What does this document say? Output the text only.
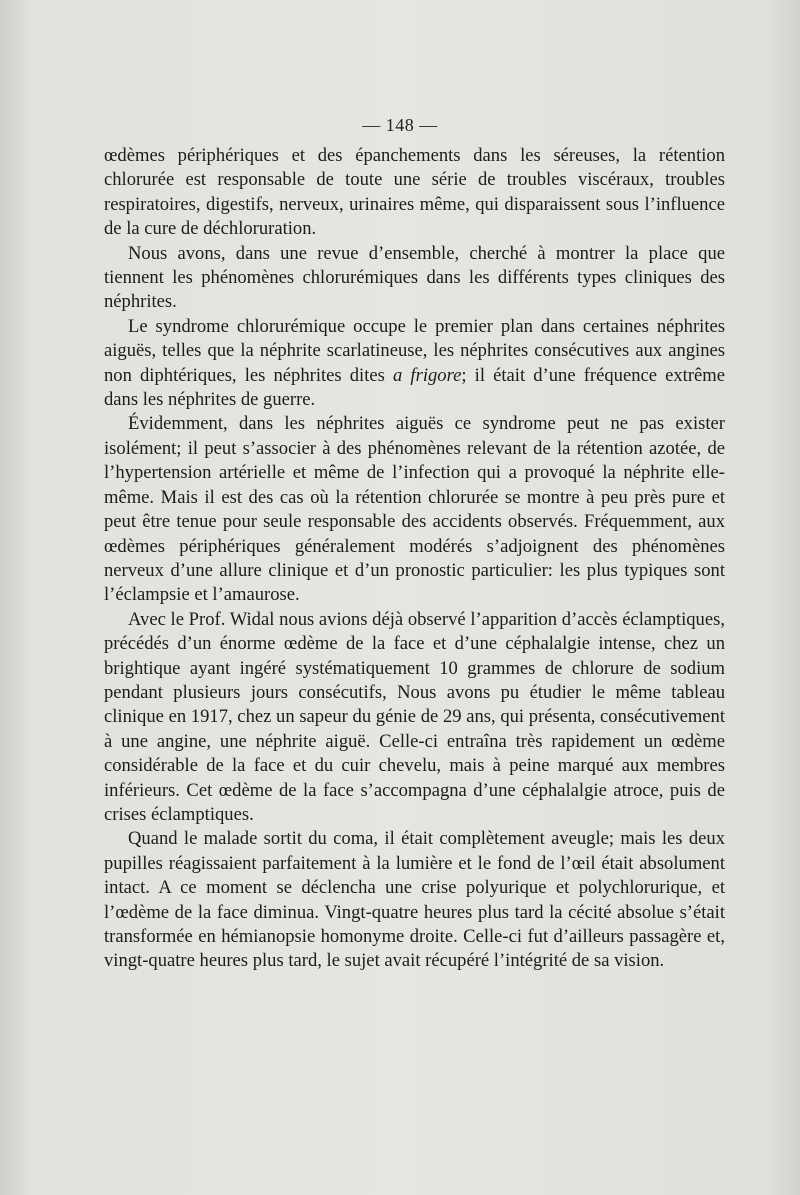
— 148 —

œdèmes périphériques et des épanchements dans les séreuses, la rétention chlorurée est responsable de toute une série de troubles viscéraux, troubles respiratoires, digestifs, nerveux, urinaires même, qui disparaissent sous l’influence de la cure de déchloruration.

Nous avons, dans une revue d’ensemble, cherché à montrer la place que tiennent les phénomènes chlorurémiques dans les différents types cliniques des néphrites.

Le syndrome chlorurémique occupe le premier plan dans certaines néphrites aiguës, telles que la néphrite scarlatineuse, les néphrites consécutives aux angines non diphtériques, les néphrites dites a frigore; il était d’une fréquence extrême dans les néphrites de guerre.

Évidemment, dans les néphrites aiguës ce syndrome peut ne pas exister isolément; il peut s’associer à des phénomènes relevant de la rétention azotée, de l’hypertension artérielle et même de l’infection qui a provoqué la néphrite elle-même. Mais il est des cas où la rétention chlorurée se montre à peu près pure et peut être tenue pour seule responsable des accidents observés. Fréquemment, aux œdèmes périphériques généralement modérés s’adjoignent des phénomènes nerveux d’une allure clinique et d’un pronostic particulier: les plus typiques sont l’éclampsie et l’amaurose.

Avec le Prof. Widal nous avions déjà observé l’apparition d’accès éclamptiques, précédés d’un énorme œdème de la face et d’une céphalalgie intense, chez un brightique ayant ingéré systématiquement 10 grammes de chlorure de sodium pendant plusieurs jours consécutifs, Nous avons pu étudier le même tableau clinique en 1917, chez un sapeur du génie de 29 ans, qui présenta, consécutivement à une angine, une néphrite aiguë. Celle-ci entraîna très rapidement un œdème considérable de la face et du cuir chevelu, mais à peine marqué aux membres inférieurs. Cet œdème de la face s’accompagna d’une céphalalgie atroce, puis de crises éclamptiques.

Quand le malade sortit du coma, il était complètement aveugle; mais les deux pupilles réagissaient parfaitement à la lumière et le fond de l’œil était absolument intact. A ce moment se déclencha une crise polyurique et polychlorurique, et l’œdème de la face diminua. Vingt-quatre heures plus tard la cécité absolue s’était transformée en hémianopsie homonyme droite. Celle-ci fut d’ailleurs passagère et, vingt-quatre heures plus tard, le sujet avait récupéré l’intégrité de sa vision.
